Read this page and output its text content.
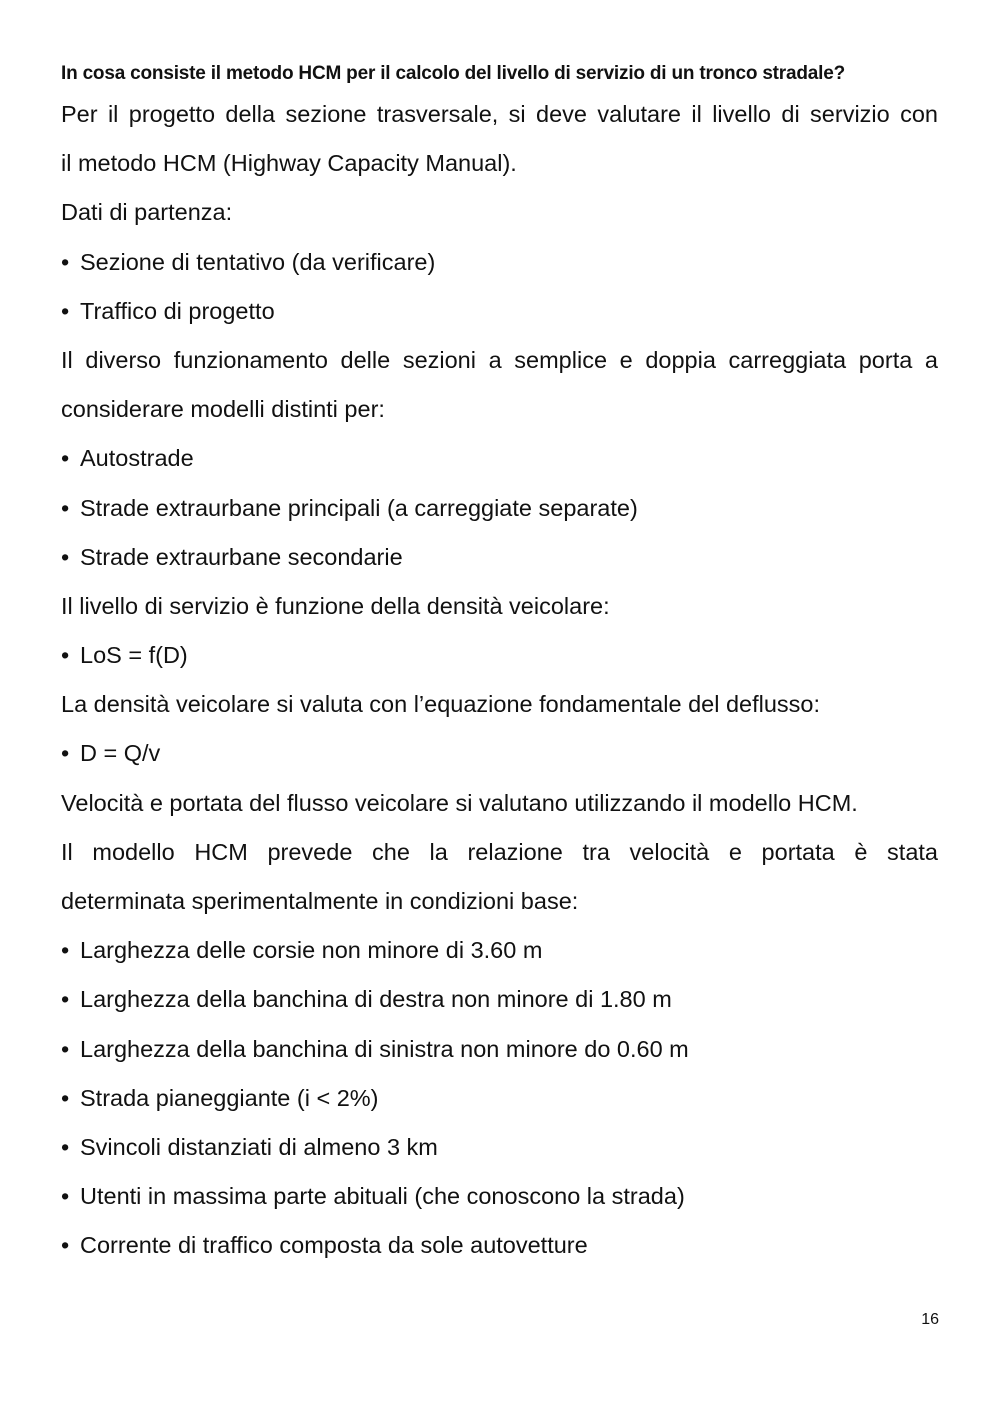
In cosa consiste il metodo HCM per il calcolo del livello di servizio di un tronco stradale?

Per il progetto della sezione trasversale, si deve valutare il livello di servizio con

il metodo HCM (Highway Capacity Manual).

Dati di partenza:

• Sezione di tentativo (da verificare)

• Traffico di progetto

Il diverso funzionamento delle sezioni a semplice e doppia carreggiata porta a

considerare modelli distinti per:

• Autostrade

• Strade extraurbane principali (a carreggiate separate)

• Strade extraurbane secondarie

Il livello di servizio è funzione della densità veicolare:

• LoS = f(D)

La densità veicolare si valuta con l’equazione fondamentale del deflusso:

• D = Q/v

Velocità e portata del flusso veicolare si valutano utilizzando il modello HCM.

Il modello HCM prevede che la relazione tra velocità e portata è stata

determinata sperimentalmente in condizioni base:

• Larghezza delle corsie non minore di 3.60 m

• Larghezza della banchina di destra non minore di 1.80 m

• Larghezza della banchina di sinistra non minore do 0.60 m

• Strada pianeggiante (i < 2%)

• Svincoli distanziati di almeno 3 km

• Utenti in massima parte abituali (che conoscono la strada)

• Corrente di traffico composta da sole autovetture

16
